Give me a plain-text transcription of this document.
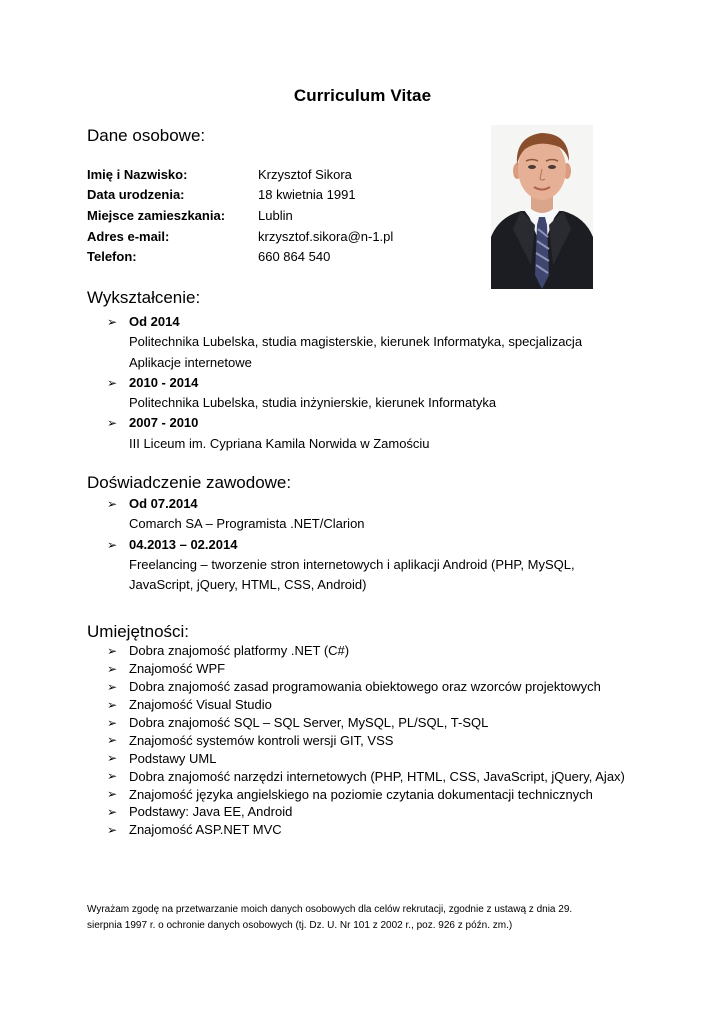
Curriculum Vitae
Dane osobowe:
Imię i Nazwisko:	Krzysztof Sikora
Data urodzenia:	18 kwietnia 1991
Miejsce zamieszkania:	Lublin
Adres e-mail:	krzysztof.sikora@n-1.pl
Telefon:	660 864 540
Wykształcenie:
➢ Od 2014
Politechnika Lubelska, studia magisterskie, kierunek Informatyka, specjalizacja
Aplikacje internetowe
➢ 2010 - 2014
Politechnika Lubelska, studia inżynierskie, kierunek Informatyka
➢ 2007 - 2010
III Liceum im. Cypriana Kamila Norwida w Zamościu
Doświadczenie zawodowe:
➢ Od 07.2014
Comarch SA – Programista .NET/Clarion
➢ 04.2013 – 02.2014
Freelancing – tworzenie stron internetowych i aplikacji Android (PHP, MySQL,
JavaScript, jQuery, HTML, CSS, Android)
Umiejętności:
➢ Dobra znajomość platformy .NET (C#)
➢ Znajomość WPF
➢ Dobra znajomość zasad programowania obiektowego oraz wzorców projektowych
➢ Znajomość Visual Studio
➢ Dobra znajomość SQL – SQL Server, MySQL, PL/SQL, T-SQL
➢ Znajomość systemów kontroli wersji GIT, VSS
➢ Podstawy UML
➢ Dobra znajomość narzędzi internetowych (PHP, HTML, CSS, JavaScript, jQuery, Ajax)
➢ Znajomość języka angielskiego na poziomie czytania dokumentacji technicznych
➢ Podstawy: Java EE, Android
➢ Znajomość ASP.NET MVC
Wyrażam zgodę na przetwarzanie moich danych osobowych dla celów rekrutacji, zgodnie z ustawą z dnia 29.
sierpnia 1997 r. o ochronie danych osobowych (tj. Dz. U. Nr 101 z 2002 r., poz. 926 z późn. zm.)
